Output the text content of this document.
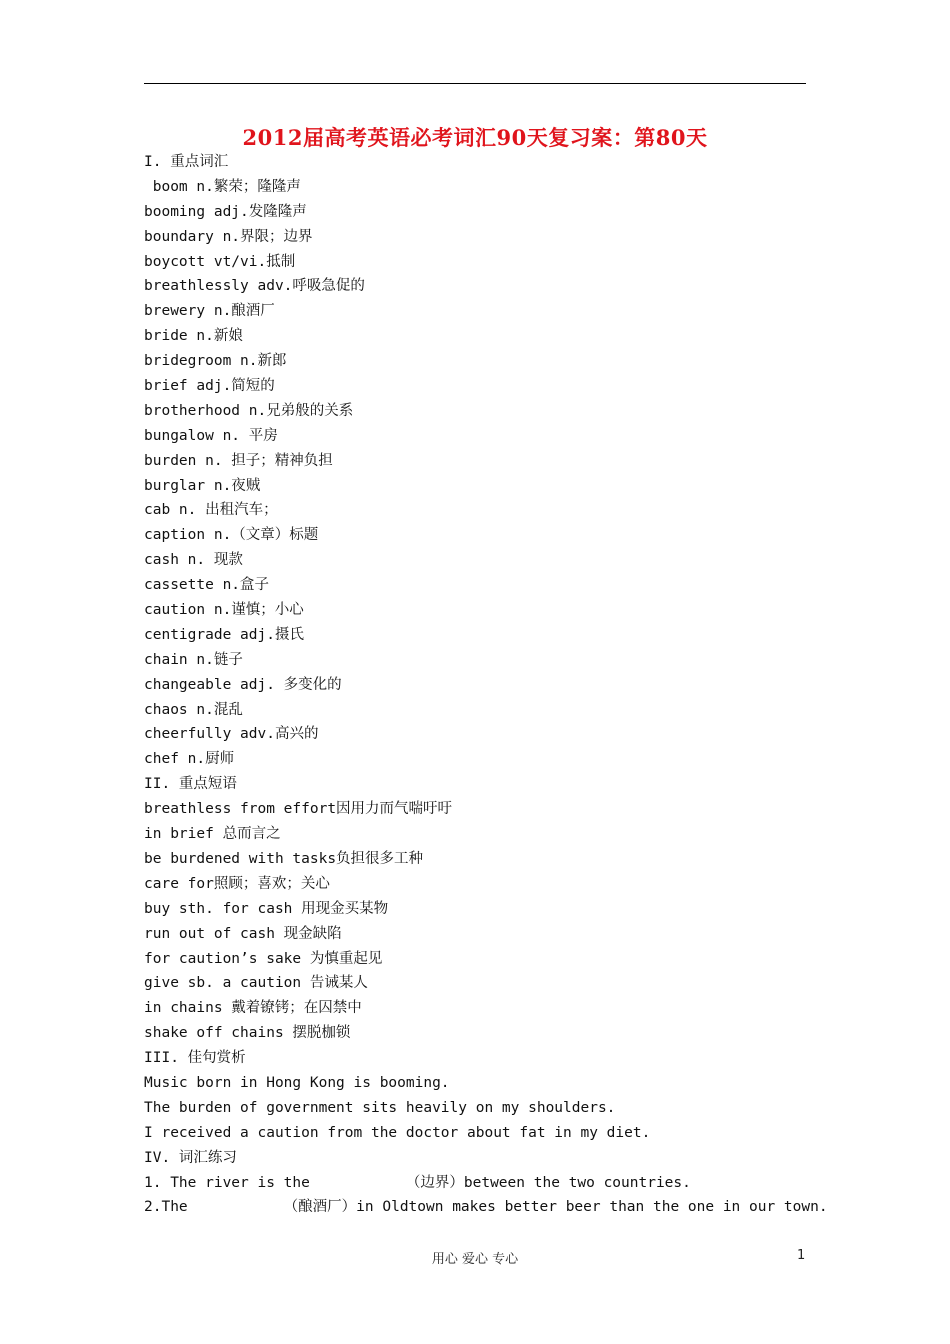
2012届高考英语必考词汇90天复习案：第80天
I. 重点词汇
boom n.繁荣；隆隆声
booming adj.发隆隆声
boundary n.界限；边界
boycott vt/vi.抵制
breathlessly adv.呼吸急促的
brewery n.酿酒厂
bride n.新娘
bridegroom n.新郎
brief adj.简短的
brotherhood n.兄弟般的关系
bungalow n. 平房
burden n. 担子；精神负担
burglar n.夜贼
cab n. 出租汽车；
caption n.（文章）标题
cash n. 现款
cassette n.盒子
caution n.谨慎；小心
centigrade adj.摄氏
chain n.链子
changeable adj. 多变化的
chaos n.混乱
cheerfully adv.高兴的
chef n.厨师
II. 重点短语
breathless from effort因用力而气喘吁吁
in brief 总而言之
be burdened with tasks负担很多工种
care for照顾；喜欢；关心
buy sth. for cash 用现金买某物
run out of cash 现金缺陷
for caution’s sake 为慎重起见
give sb. a caution 告诫某人
in chains 戴着镣铐；在囚禁中
shake off chains 摆脱枷锁
III. 佳句赏析
Music born in Hong Kong is booming.
The burden of government sits heavily on my shoulders.
I received a caution from the doctor about fat in my diet.
IV. 词汇练习
1. The river is the           （边界）between the two countries.
2.The           （酿酒厂）in Oldtown makes better beer than the one in our town.
用心 爱心 专心	1
